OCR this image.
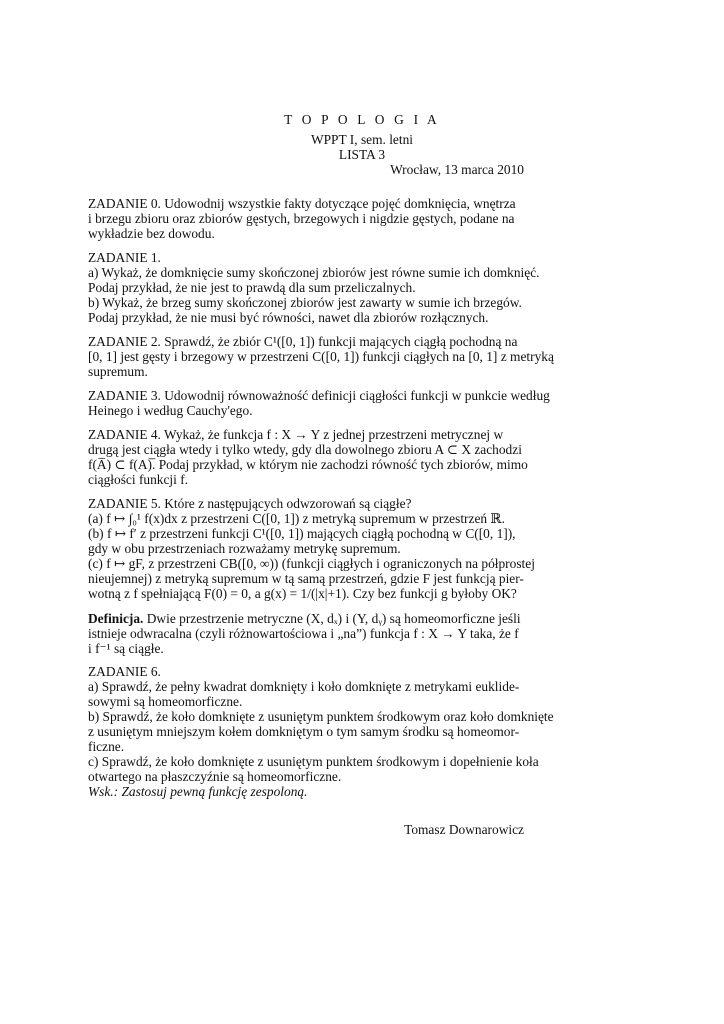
T O P O L O G I A
WPPT I, sem. letni
LISTA 3
Wrocław, 13 marca 2010
ZADANIE 0. Udowodnij wszystkie fakty dotyczące pojęć domknięcia, wnętrza
i brzegu zbioru oraz zbiorów gęstych, brzegowych i nigdzie gęstych, podane na
wykładzie bez dowodu.
ZADANIE 1.
a) Wykaż, że domknięcie sumy skończonej zbiorów jest równe sumie ich domknięć.
Podaj przykład, że nie jest to prawdą dla sum przeliczalnych.
b) Wykaż, że brzeg sumy skończonej zbiorów jest zawarty w sumie ich brzegów.
Podaj przykład, że nie musi być równości, nawet dla zbiorów rozłącznych.
ZADANIE 2. Sprawdź, że zbiór C¹([0, 1]) funkcji mających ciągłą pochodną na
[0, 1] jest gęsty i brzegowy w przestrzeni C([0, 1]) funkcji ciągłych na [0, 1] z metryką
supremum.
ZADANIE 3. Udowodnij równoważność definicji ciągłości funkcji w punkcie według
Heinego i według Cauchy'ego.
ZADANIE 4. Wykaż, że funkcja f : X → Y z jednej przestrzeni metrycznej w
drugą jest ciągła wtedy i tylko wtedy, gdy dla dowolnego zbioru A ⊂ X zachodzi
f(A̅) ⊂ f(A)̅. Podaj przykład, w którym nie zachodzi równość tych zbiorów, mimo
ciągłości funkcji f.
ZADANIE 5. Które z następujących odwzorowań są ciągłe?
(a) f ↦ ∫₀¹ f(x)dx z przestrzeni C([0, 1]) z metryką supremum w przestrzeń ℝ.
(b) f ↦ f′ z przestrzeni funkcji C¹([0, 1]) mających ciągłą pochodną w C([0, 1]),
gdy w obu przestrzeniach rozważamy metrykę supremum.
(c) f ↦ gF, z przestrzeni CB([0, ∞)) (funkcji ciągłych i ograniczonych na półprostej
nieujemnej) z metryką supremum w tą samą przestrzeń, gdzie F jest funkcją pier-
wotną z f spełniającą F(0) = 0, a g(x) = 1/(|x|+1). Czy bez funkcji g byłoby OK?
Definicja. Dwie przestrzenie metryczne (X, dₓ) i (Y, dᵧ) są homeomorficzne jeśli
istnieje odwracalna (czyli różnowartościowa i „na”) funkcja f : X → Y taka, że f
i f⁻¹ są ciągłe.
ZADANIE 6.
a) Sprawdź, że pełny kwadrat domknięty i koło domknięte z metrykami euklide-
sowymi są homeomorficzne.
b) Sprawdź, że koło domknięte z usuniętym punktem środkowym oraz koło domknięte
z usuniętym mniejszym kołem domkniętym o tym samym środku są homeomor-
ficzne.
c) Sprawdź, że koło domknięte z usuniętym punktem środkowym i dopełnienie koła
otwartego na płaszczyźnie są homeomorficzne.
Wsk.: Zastosuj pewną funkcję zespoloną.
Tomasz Downarowicz
